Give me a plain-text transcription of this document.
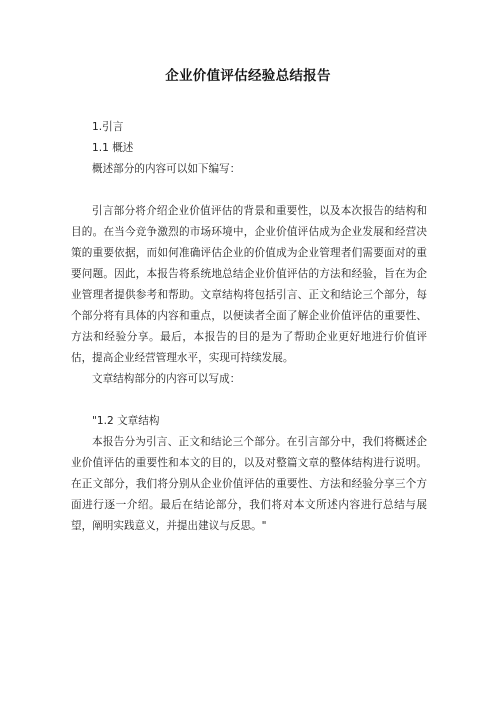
企业价值评估经验总结报告

1.引言

1.1 概述

概述部分的内容可以如下编写：

引言部分将介绍企业价值评估的背景和重要性，以及本次报告的结构和目的。在当今竞争激烈的市场环境中，企业价值评估成为企业发展和经营决策的重要依据，而如何准确评估企业的价值成为企业管理者们需要面对的重要问题。因此，本报告将系统地总结企业价值评估的方法和经验，旨在为企业管理者提供参考和帮助。文章结构将包括引言、正文和结论三个部分，每个部分将有具体的内容和重点，以便读者全面了解企业价值评估的重要性、方法和经验分享。最后，本报告的目的是为了帮助企业更好地进行价值评估，提高企业经营管理水平，实现可持续发展。

文章结构部分的内容可以写成：

"1.2 文章结构

本报告分为引言、正文和结论三个部分。在引言部分中，我们将概述企业价值评估的重要性和本文的目的，以及对整篇文章的整体结构进行说明。在正文部分，我们将分别从企业价值评估的重要性、方法和经验分享三个方面进行逐一介绍。最后在结论部分，我们将对本文所述内容进行总结与展望，阐明实践意义，并提出建议与反思。"
